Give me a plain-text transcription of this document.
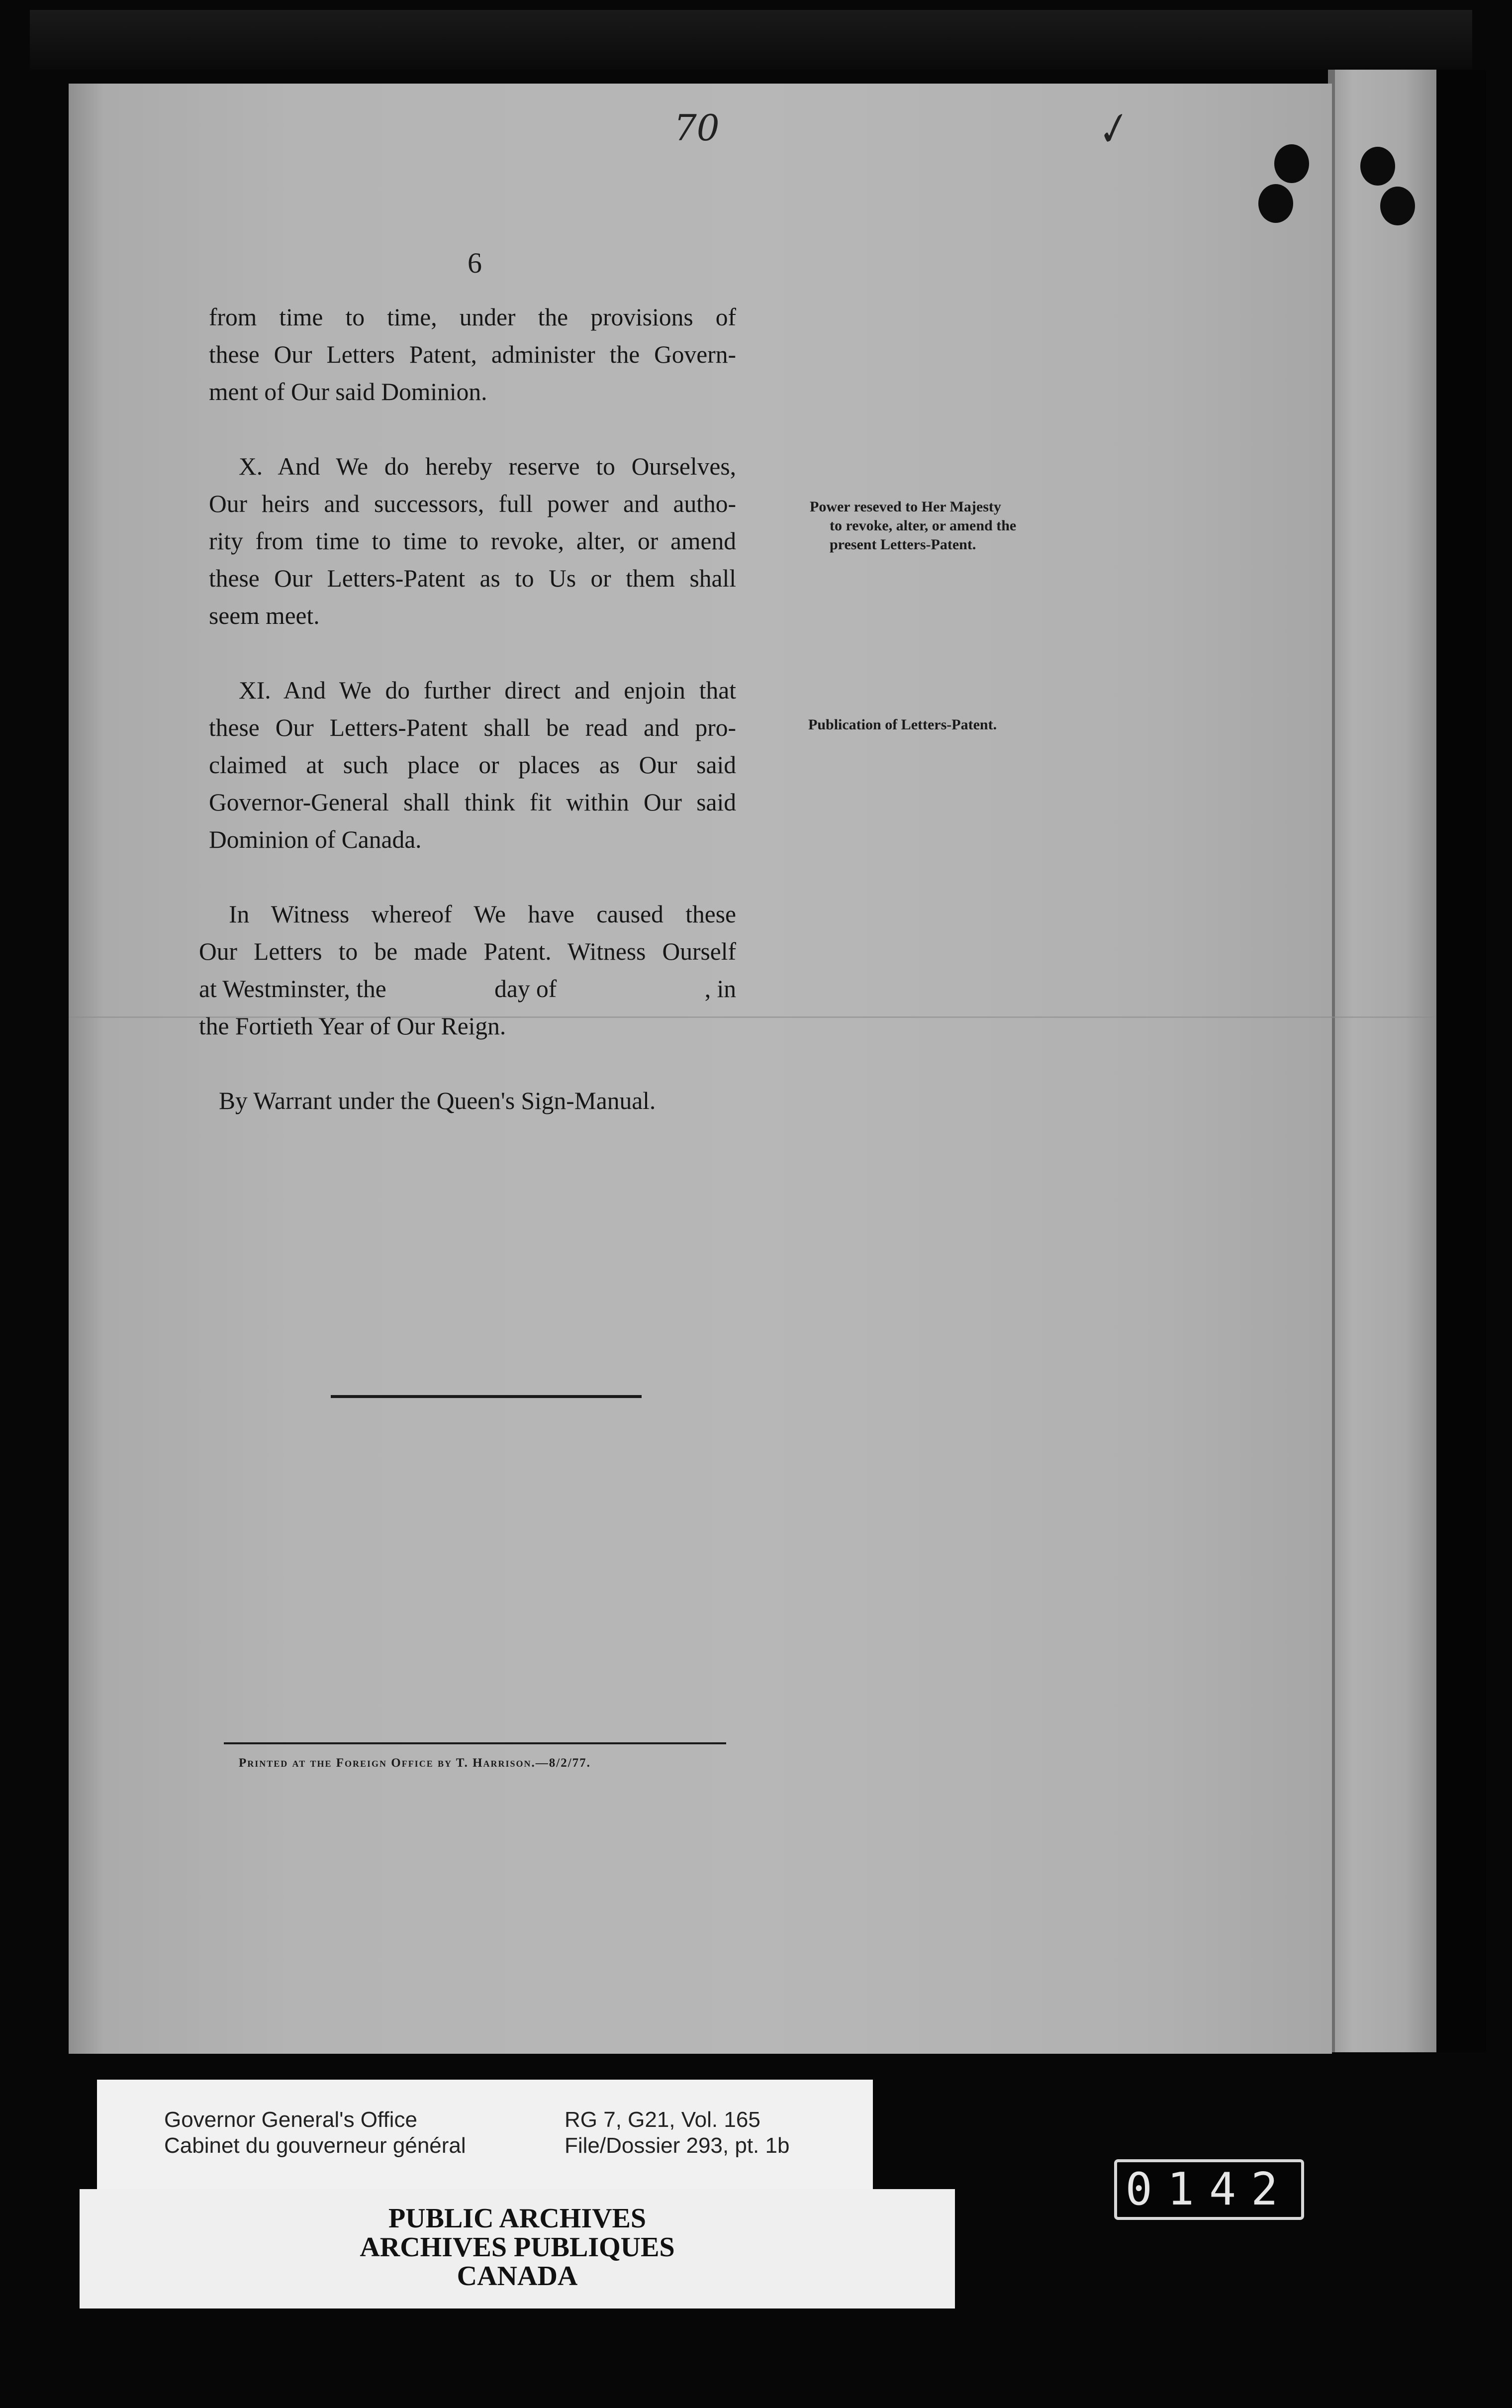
70	✓
6
from time to time, under the provisions of
these Our Letters Patent, administer the Govern-
ment of Our said Dominion.
X. And We do hereby reserve to Ourselves,
Our heirs and successors, full power and autho-
rity from time to time to revoke, alter, or amend
these Our Letters-Patent as to Us or them shall
seem meet.
XI. And We do further direct and enjoin that
these Our Letters-Patent shall be read and pro-
claimed at such place or places as Our said
Governor-General shall think fit within Our said
Dominion of Canada.
In Witness whereof We have caused these
Our Letters to be made Patent. Witness Ourself
at Westminster, the	day of	, in
the Fortieth Year of Our Reign.
By Warrant under the Queen's Sign-Manual.
Power reseved to Her Majesty
to revoke, alter, or amend the
present Letters-Patent.
Publication of Letters-Patent.
Printed at the Foreign Office by T. Harrison.—8/2/77.
Governor General's Office
Cabinet du gouverneur général
RG 7, G21, Vol. 165
File/Dossier 293, pt. 1b
PUBLIC ARCHIVES
ARCHIVES PUBLIQUES
CANADA
0142
